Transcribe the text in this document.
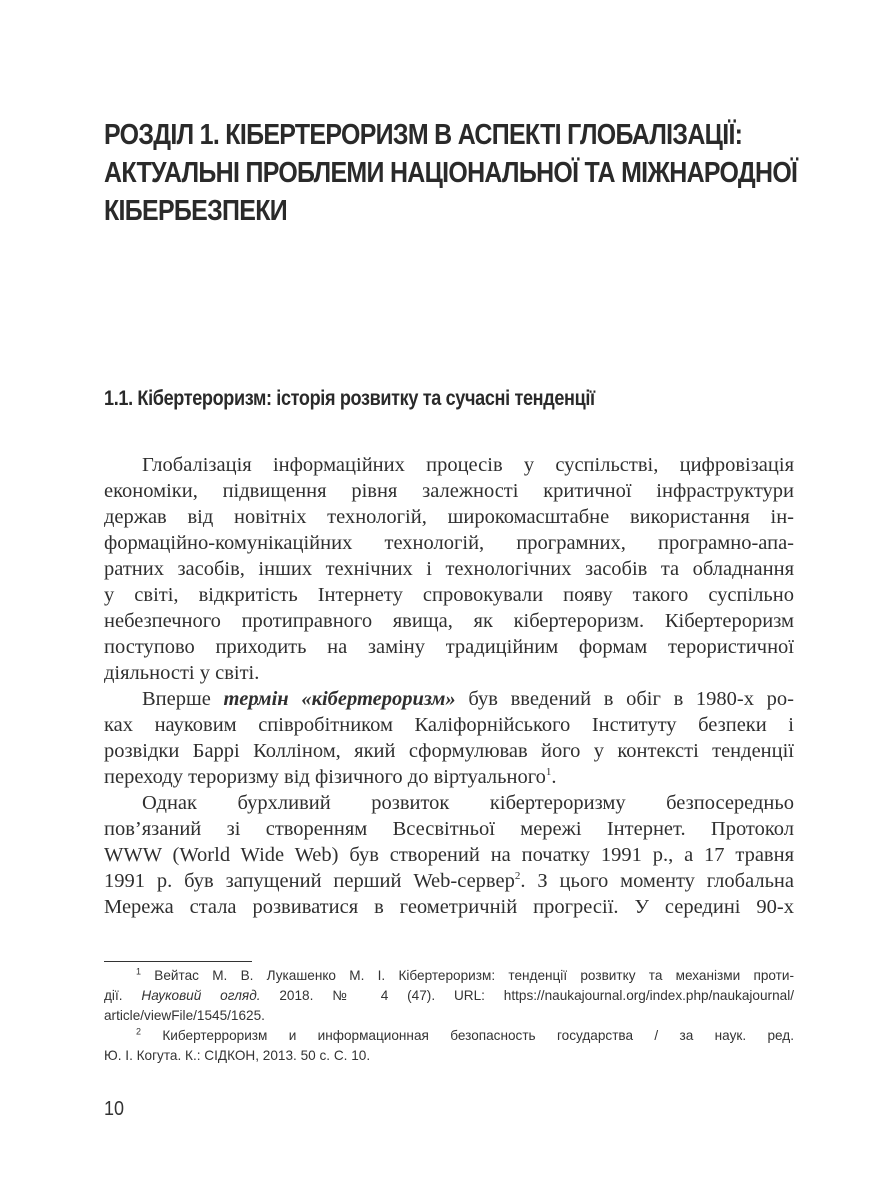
РОЗДІЛ 1. КІБЕРТЕРОРИЗМ В АСПЕКТІ ГЛОБАЛІЗАЦІЇ:
АКТУАЛЬНІ ПРОБЛЕМИ НАЦІОНАЛЬНОЇ ТА МІЖНАРОДНОЇ
КІБЕРБЕЗПЕКИ
1.1. Кібертероризм: історія розвитку та сучасні тенденції

Глобалізація інформаційних процесів у суспільстві, цифровізація
економіки, підвищення рівня залежності критичної інфраструктури
держав від новітніх технологій, широкомасштабне використання ін-
формаційно-комунікаційних технологій, програмних, програмно-апа-
ратних засобів, інших технічних і технологічних засобів та обладнання
у світі, відкритість Інтернету спровокували появу такого суспільно
небезпечного протиправного явища, як кібертероризм. Кібертероризм
поступово приходить на заміну традиційним формам терористичної
діяльності у світі.

Вперше термін «кібертероризм» був введений в обіг в 1980-х ро-
ках науковим співробітником Каліфорнійського Інституту безпеки і
розвідки Баррі Колліном, який сформулював його у контексті тенденції
переходу тероризму від фізичного до віртуального$^1$.

Однак бурхливий розвиток кібертероризму безпосередньо
пов’язаний зі створенням Всесвітньої мережі Інтернет. Протокол
WWW (World Wide Web) був створений на початку 1991 р., а 17 травня
1991 р. був запущений перший Web-сервер$^2$. З цього моменту глобальна
Мережа стала розвиватися в геометричній прогресії. У середині 90-х

$^1$ Вейтас М. В. Лукашенко М. І. Кібертероризм: тенденції розвитку та механізми проти-
дії. Науковий огляд. 2018. № 4 (47). URL: https://naukajournal.org/index.php/naukajournal/
article/viewFile/1545/1625.

$^2$ Кибертерроризм и информационная безопасность государства / за наук. ред.
Ю. І. Когута. К.: СІДКОН, 2013. 50 с. С. 10.

10
